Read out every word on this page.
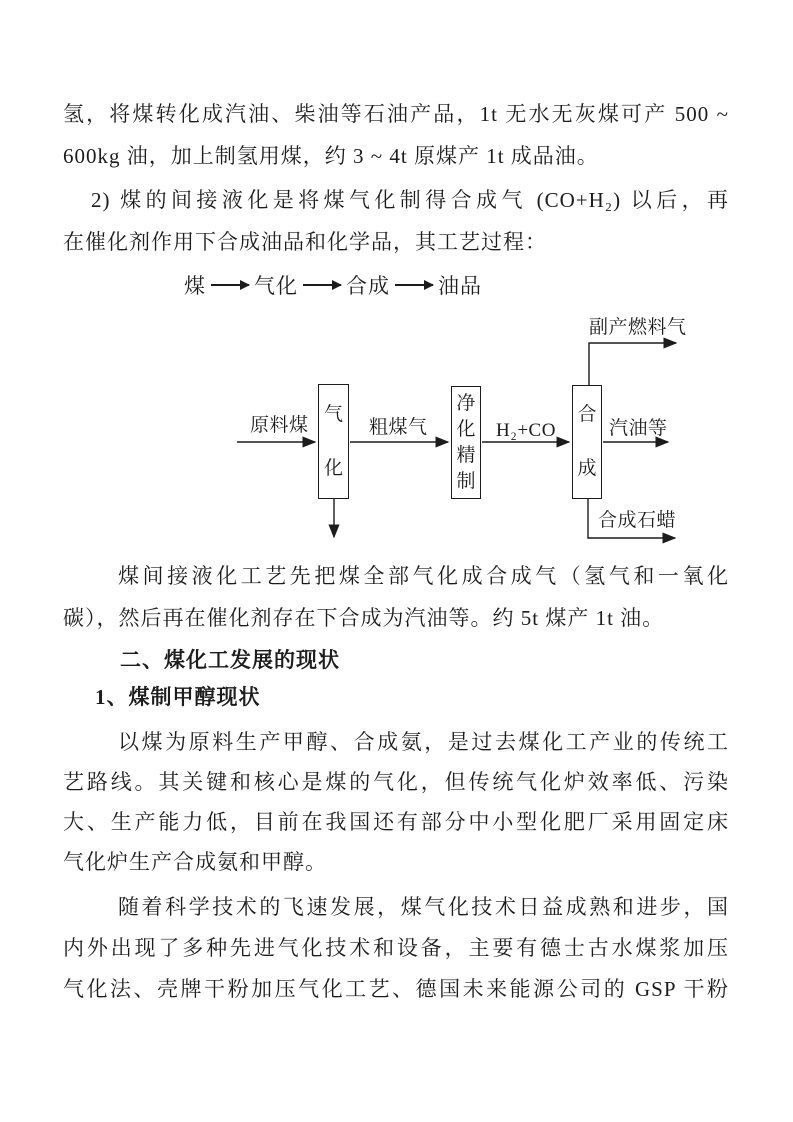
氢，将煤转化成汽油、柴油等石油产品，1t 无水无灰煤可产 500 ~
600kg 油，加上制氢用煤，约 3 ~ 4t 原煤产 1t 成品油。
2) 煤的间接液化是将煤气化制得合成气 (CO+H₂) 以后，再
在催化剂作用下合成油品和化学品，其工艺过程：
煤 气化 合成 油品
气化
净化精制
合成
原料煤	粗煤气	H₂+CO	汽油等
副产燃料气
合成石蜡
煤间接液化工艺先把煤全部气化成合成气（氢气和一氧化
碳），然后再在催化剂存在下合成为汽油等。约 5t 煤产 1t 油。
二、煤化工发展的现状
1、煤制甲醇现状
以煤为原料生产甲醇、合成氨，是过去煤化工产业的传统工
艺路线。其关键和核心是煤的气化，但传统气化炉效率低、污染
大、生产能力低，目前在我国还有部分中小型化肥厂采用固定床
气化炉生产合成氨和甲醇。
随着科学技术的飞速发展，煤气化技术日益成熟和进步，国
内外出现了多种先进气化技术和设备，主要有德士古水煤浆加压
气化法、壳牌干粉加压气化工艺、德国未来能源公司的 GSP 干粉
